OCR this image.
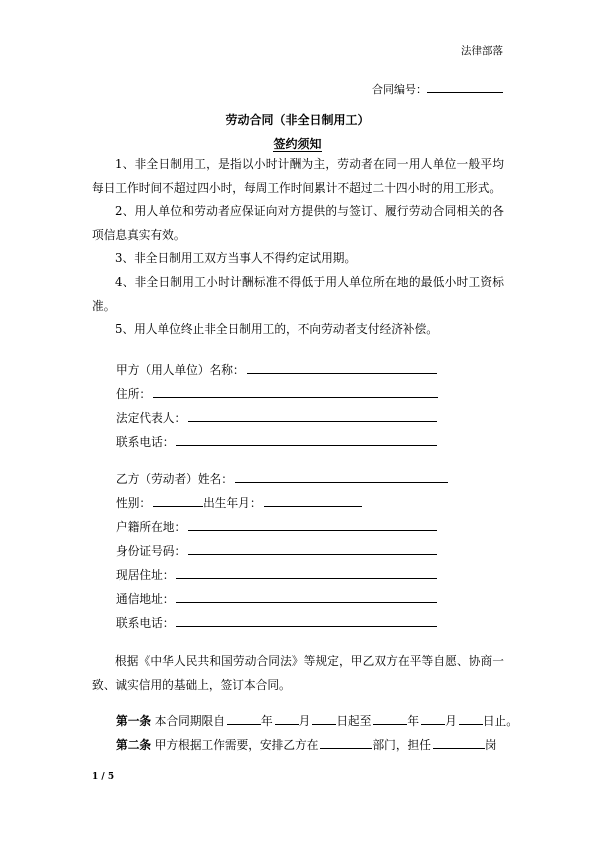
法律部落
合同编号：
劳动合同（非全日制用工）
签约须知
1、非全日制用工，是指以小时计酬为主，劳动者在同一用人单位一般平均每日工作时间不超过四小时，每周工作时间累计不超过二十四小时的用工形式。
2、用人单位和劳动者应保证向对方提供的与签订、履行劳动合同相关的各项信息真实有效。
3、非全日制用工双方当事人不得约定试用期。
4、非全日制用工小时计酬标准不得低于用人单位所在地的最低小时工资标准。
5、用人单位终止非全日制用工的，不向劳动者支付经济补偿。
甲方（用人单位）名称：
住所：
法定代表人：
联系电话：
乙方（劳动者）姓名：
性别：	出生年月：
户籍所在地：
身份证号码：
现居住址：
通信地址：
联系电话：
根据《中华人民共和国劳动合同法》等规定，甲乙双方在平等自愿、协商一致、诚实信用的基础上，签订本合同。
第一条 本合同期限自	年 月 日起至	年 月 日止。
第二条 甲方根据工作需要，安排乙方在	部门，担任	岗
1 / 5
